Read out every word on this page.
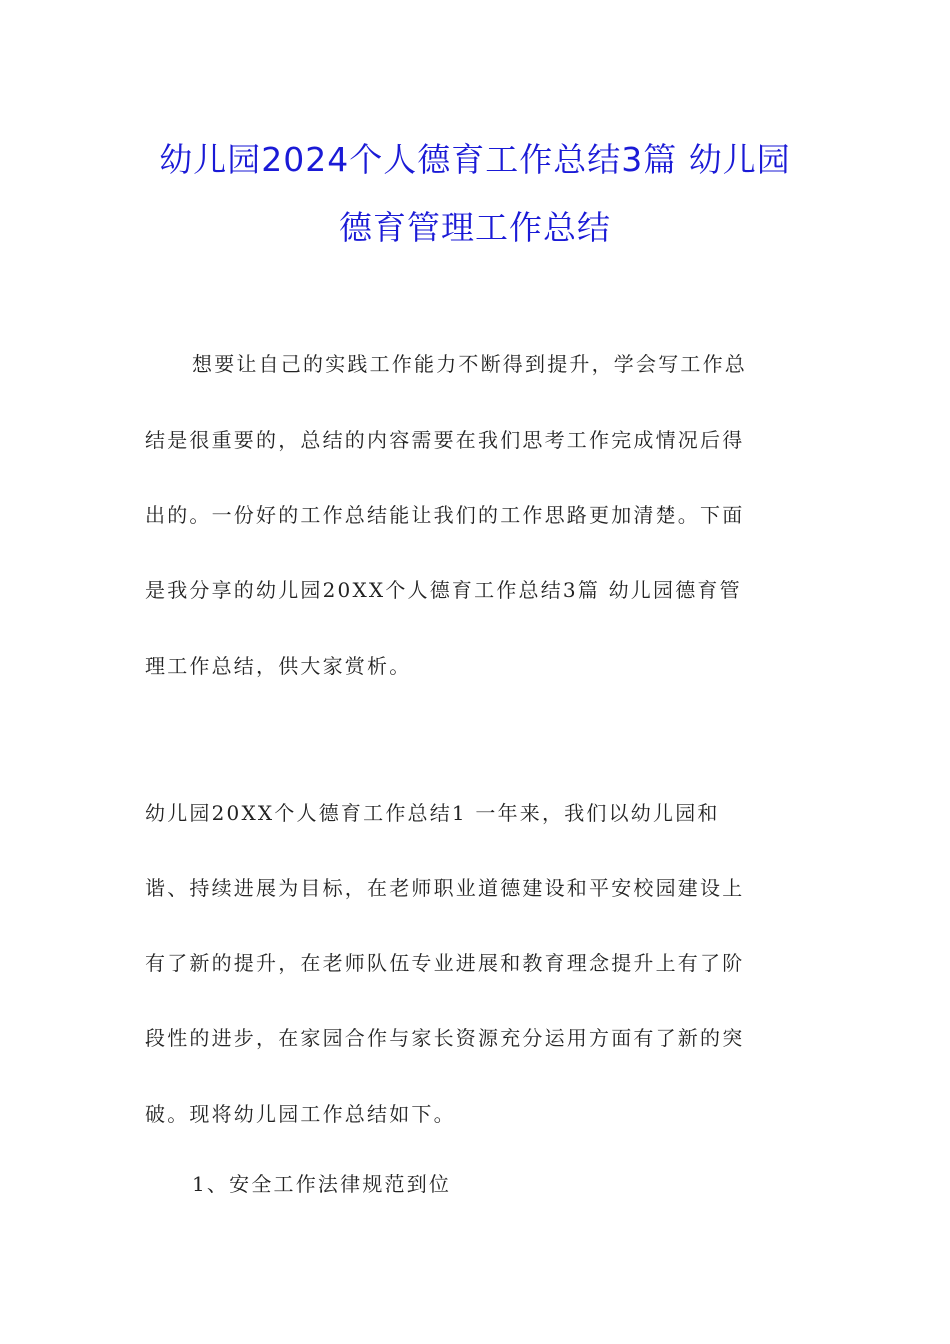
幼儿园2024个人德育工作总结3篇 幼儿园
德育管理工作总结
想要让自己的实践工作能力不断得到提升，学会写工作总
结是很重要的，总结的内容需要在我们思考工作完成情况后得
出的。一份好的工作总结能让我们的工作思路更加清楚。下面
是我分享的幼儿园20XX个人德育工作总结3篇 幼儿园德育管
理工作总结，供大家赏析。
幼儿园20XX个人德育工作总结1 一年来，我们以幼儿园和
谐、持续进展为目标，在老师职业道德建设和平安校园建设上
有了新的提升，在老师队伍专业进展和教育理念提升上有了阶
段性的进步，在家园合作与家长资源充分运用方面有了新的突
破。现将幼儿园工作总结如下。
1、安全工作法律规范到位
